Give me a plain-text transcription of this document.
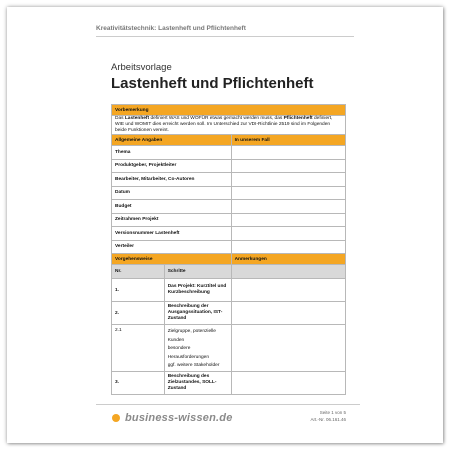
Kreativitätstechnik: Lastenheft und Pflichtenheft
Arbeitsvorlage
Lastenheft und Pflichtenheft
Vorbemerkung		
Das Lastenheft definiert WAS und WOFÜR etwas gemacht werden muss, das Pflichtenheft definiert, WIE und WOMIT dies erreicht werden soll. Im Unterschied zur VDI-Richtlinie 2519 sind im Folgenden beide Funktionen vereint.		
Allgemeine Angaben		In unserem Fall
Thema		
Produktgeber, Projektleiter		
Bearbeiter, Mitarbeiter, Co-Autoren		
Datum		
Budget		
Zeitrahmen Projekt		
Versionsnummer Lastenheft		
Verteiler		
Vorgehensweise		Anmerkungen
Nr.	Schritte	
1.	Das Projekt: Kurztitel und Kurzbeschreibung	
2.	Beschreibung der Ausgangssituation, IST-Zustand	
2.1	Zielgruppe, potenzielle Kunden
besondere Herausforderungen
ggf. weitere Stakeholder	

3.	Beschreibung des Zielzustandes, SOLL-Zustand	
business-wissen.de	Seite 1 von 5
Art.-Nr. 06.161.46
